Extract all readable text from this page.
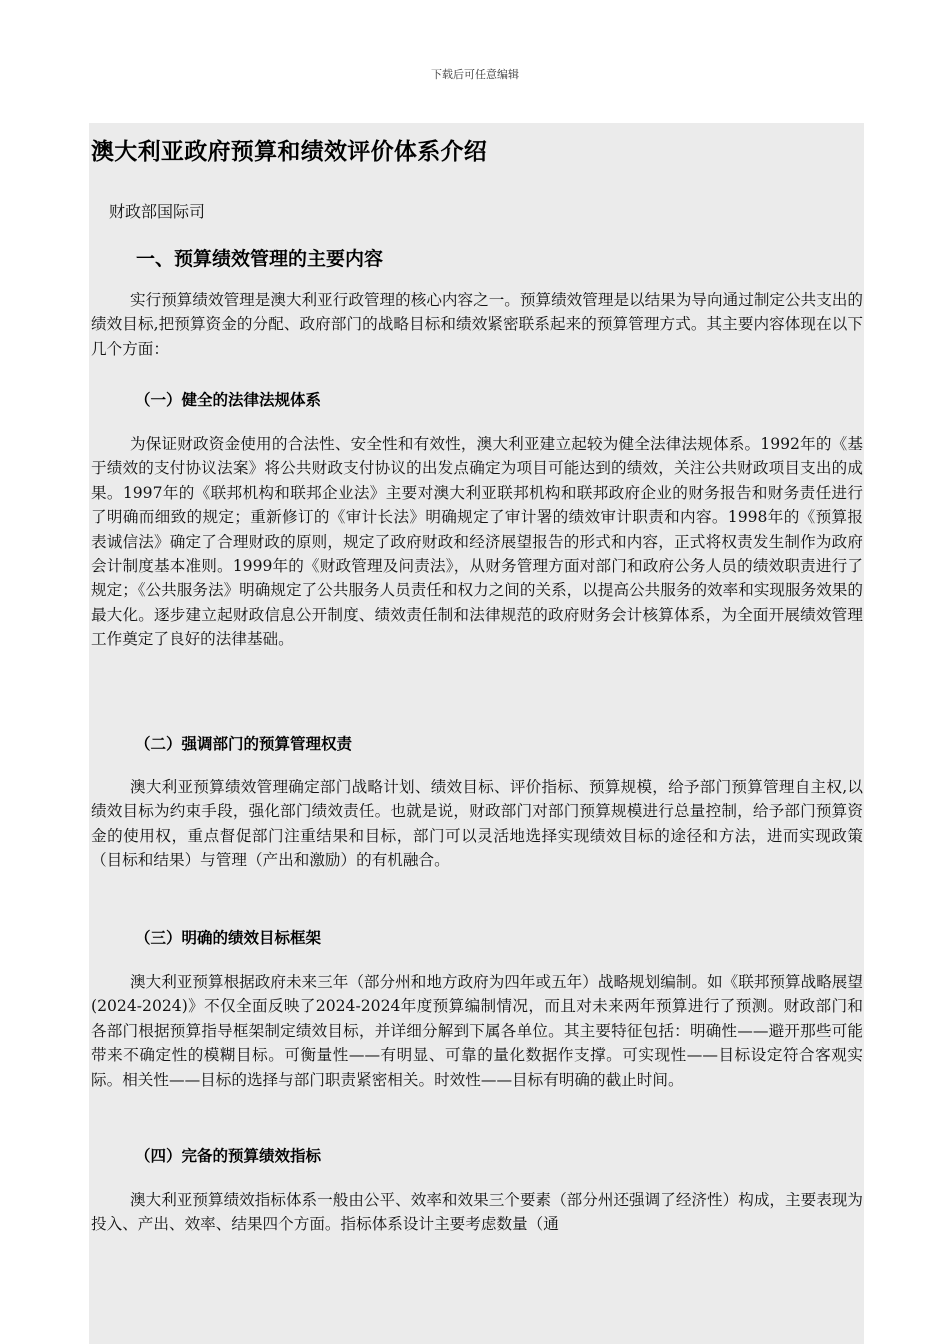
下载后可任意编辑
澳大利亚政府预算和绩效评价体系介绍
财政部国际司
一、预算绩效管理的主要内容

实行预算绩效管理是澳大利亚行政管理的核心内容之一。预算绩效管理是以结果为导向通过制定公共支出的绩效目标,把预算资金的分配、政府部门的战略目标和绩效紧密联系起来的预算管理方式。其主要内容体现在以下几个方面：

（一）健全的法律法规体系

为保证财政资金使用的合法性、安全性和有效性，澳大利亚建立起较为健全法律法规体系。1992年的《基于绩效的支付协议法案》将公共财政支付协议的出发点确定为项目可能达到的绩效，关注公共财政项目支出的成果。1997年的《联邦机构和联邦企业法》主要对澳大利亚联邦机构和联邦政府企业的财务报告和财务责任进行了明确而细致的规定；重新修订的《审计长法》明确规定了审计署的绩效审计职责和内容。1998年的《预算报表诚信法》确定了合理财政的原则，规定了政府财政和经济展望报告的形式和内容，正式将权责发生制作为政府会计制度基本准则。1999年的《财政管理及问责法》，从财务管理方面对部门和政府公务人员的绩效职责进行了规定；《公共服务法》明确规定了公共服务人员责任和权力之间的关系，以提高公共服务的效率和实现服务效果的最大化。逐步建立起财政信息公开制度、绩效责任制和法律规范的政府财务会计核算体系，为全面开展绩效管理工作奠定了良好的法律基础。

（二）强调部门的预算管理权责

澳大利亚预算绩效管理确定部门战略计划、绩效目标、评价指标、预算规模，给予部门预算管理自主权,以绩效目标为约束手段，强化部门绩效责任。也就是说，财政部门对部门预算规模进行总量控制，给予部门预算资金的使用权，重点督促部门注重结果和目标，部门可以灵活地选择实现绩效目标的途径和方法，进而实现政策（目标和结果）与管理（产出和激励）的有机融合。

（三）明确的绩效目标框架

澳大利亚预算根据政府未来三年（部分州和地方政府为四年或五年）战略规划编制。如《联邦预算战略展望(2024-2024)》不仅全面反映了2024-2024年度预算编制情况，而且对未来两年预算进行了预测。财政部门和各部门根据预算指导框架制定绩效目标，并详细分解到下属各单位。其主要特征包括：明确性——避开那些可能带来不确定性的模糊目标。可衡量性——有明显、可靠的量化数据作支撑。可实现性——目标设定符合客观实际。相关性——目标的选择与部门职责紧密相关。时效性——目标有明确的截止时间。

（四）完备的预算绩效指标

澳大利亚预算绩效指标体系一般由公平、效率和效果三个要素（部分州还强调了经济性）构成，主要表现为投入、产出、效率、结果四个方面。指标体系设计主要考虑数量（通
